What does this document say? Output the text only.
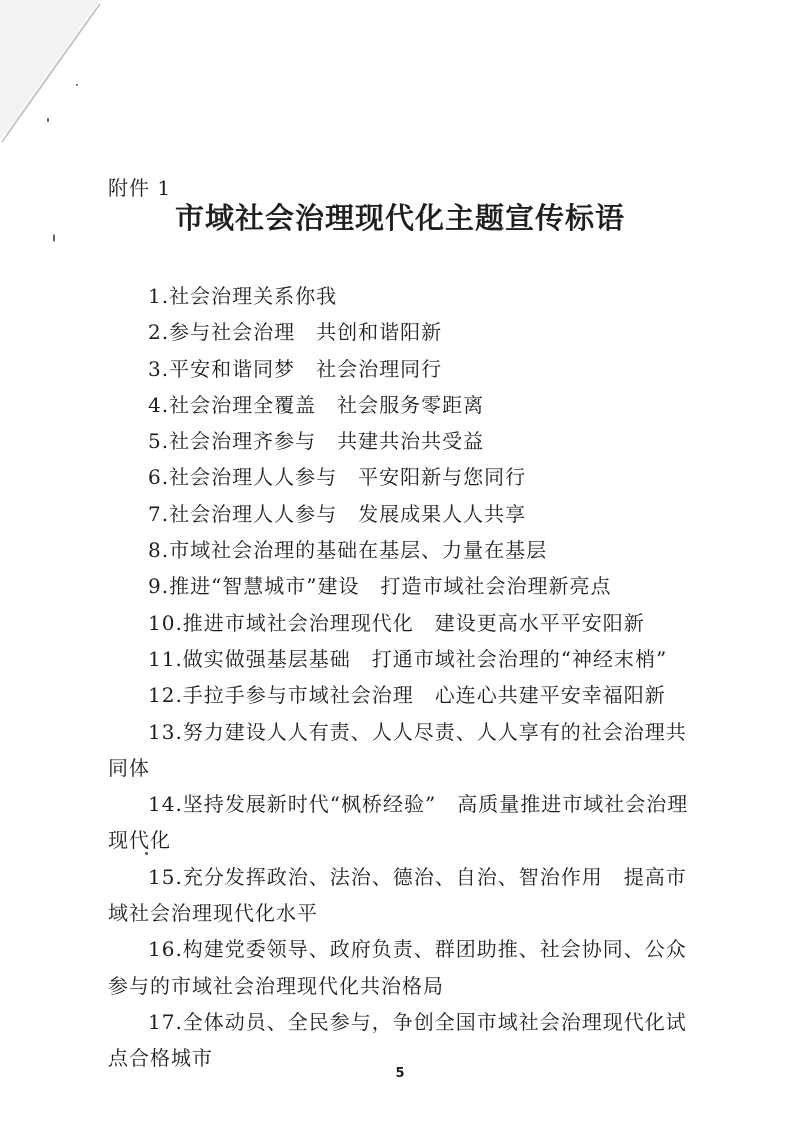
附件 1
市域社会治理现代化主题宣传标语
1.社会治理关系你我
2.参与社会治理　共创和谐阳新
3.平安和谐同梦　社会治理同行
4.社会治理全覆盖　社会服务零距离
5.社会治理齐参与　共建共治共受益
6.社会治理人人参与　平安阳新与您同行
7.社会治理人人参与　发展成果人人共享
8.市域社会治理的基础在基层、力量在基层
9.推进“智慧城市”建设　打造市域社会治理新亮点
10.推进市域社会治理现代化　建设更高水平平安阳新
11.做实做强基层基础　打通市域社会治理的“神经末梢”
12.手拉手参与市域社会治理　心连心共建平安幸福阳新
13.努力建设人人有责、人人尽责、人人享有的社会治理共同体
14.坚持发展新时代“枫桥经验”　高质量推进市域社会治理现代化
15.充分发挥政治、法治、德治、自治、智治作用　提高市域社会治理现代化水平
16.构建党委领导、政府负责、群团助推、社会协同、公众参与的市域社会治理现代化共治格局
17.全体动员、全民参与，争创全国市域社会治理现代化试点合格城市
5
